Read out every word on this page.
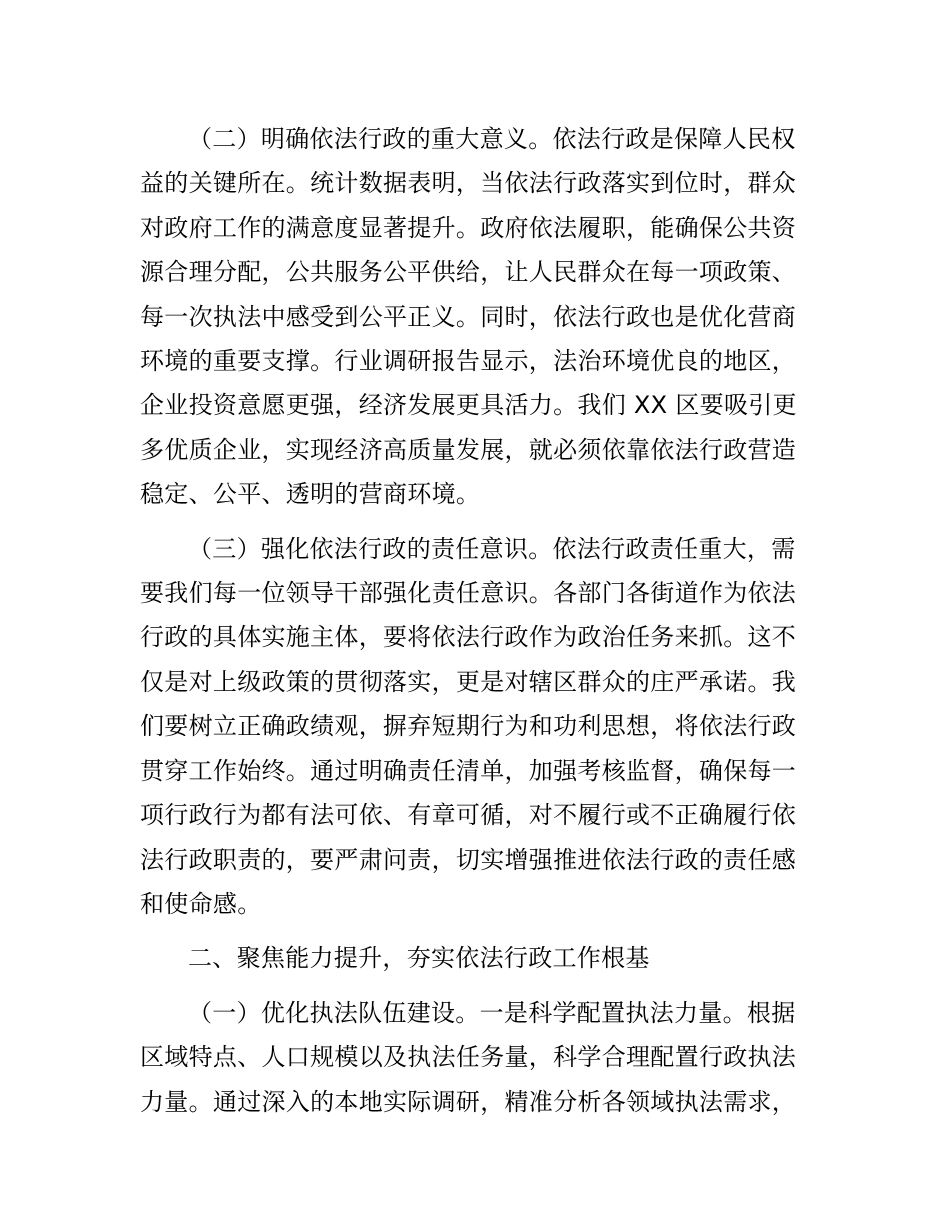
（二）明确依法行政的重大意义。依法行政是保障人民权
益的关键所在。统计数据表明，当依法行政落实到位时，群众
对政府工作的满意度显著提升。政府依法履职，能确保公共资
源合理分配，公共服务公平供给，让人民群众在每一项政策、
每一次执法中感受到公平正义。同时，依法行政也是优化营商
环境的重要支撑。行业调研报告显示，法治环境优良的地区，
企业投资意愿更强，经济发展更具活力。我们 XX 区要吸引更
多优质企业，实现经济高质量发展，就必须依靠依法行政营造
稳定、公平、透明的营商环境。
（三）强化依法行政的责任意识。依法行政责任重大，需
要我们每一位领导干部强化责任意识。各部门各街道作为依法
行政的具体实施主体，要将依法行政作为政治任务来抓。这不
仅是对上级政策的贯彻落实，更是对辖区群众的庄严承诺。我
们要树立正确政绩观，摒弃短期行为和功利思想，将依法行政
贯穿工作始终。通过明确责任清单，加强考核监督，确保每一
项行政行为都有法可依、有章可循，对不履行或不正确履行依
法行政职责的，要严肃问责，切实增强推进依法行政的责任感
和使命感。
二、聚焦能力提升，夯实依法行政工作根基
（一）优化执法队伍建设。一是科学配置执法力量。根据
区域特点、人口规模以及执法任务量，科学合理配置行政执法
力量。通过深入的本地实际调研，精准分析各领域执法需求，
